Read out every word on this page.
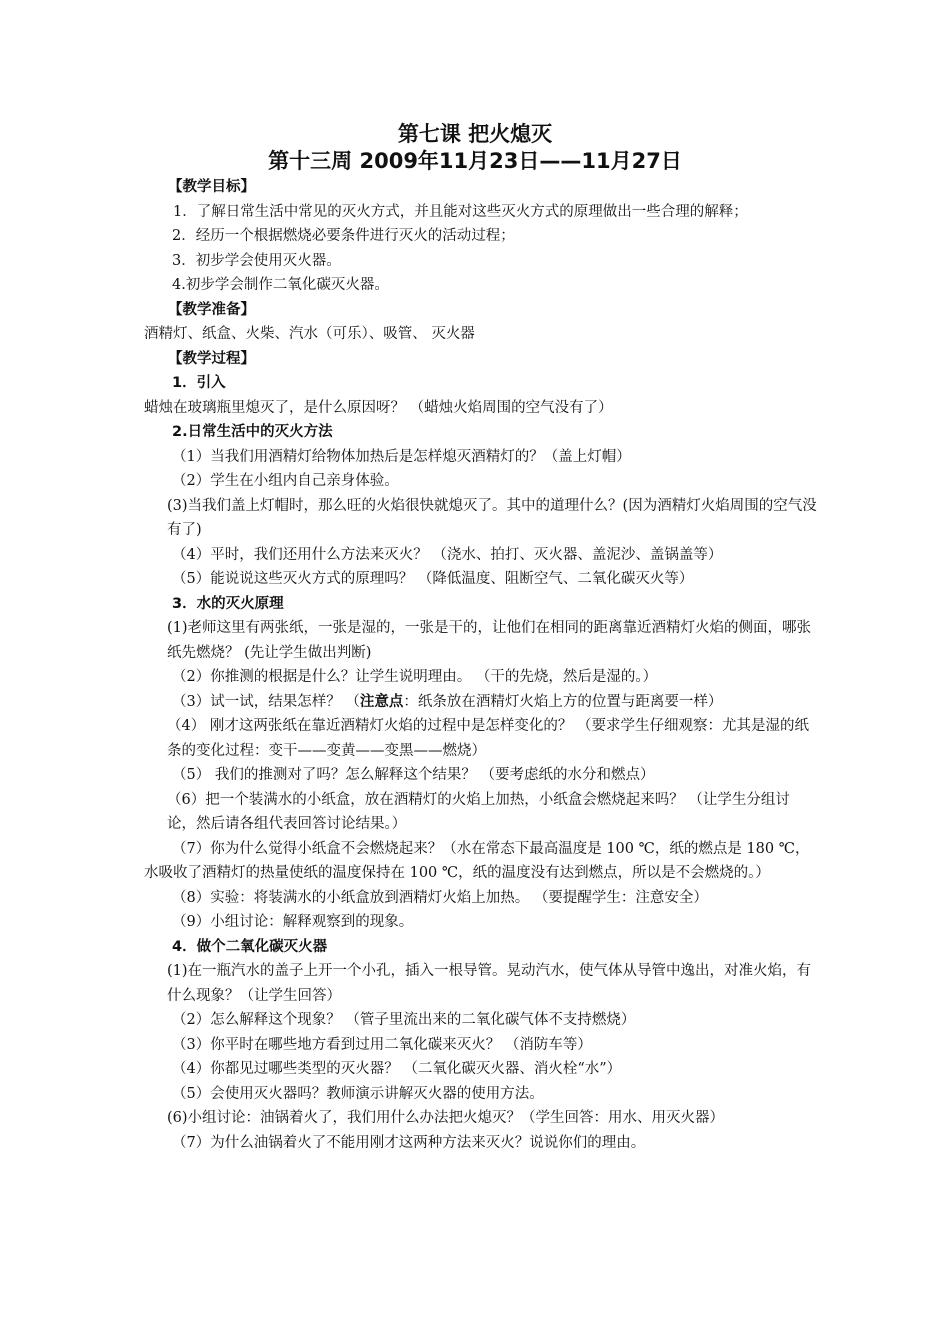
第七课 把火熄灭
第十三周 2009年11月23日——11月27日

【教学目标】

1．了解日常生活中常见的灭火方式，并且能对这些灭火方式的原理做出一些合理的解释；

2．经历一个根据燃烧必要条件进行灭火的活动过程；

3．初步学会使用灭火器。

4.初步学会制作二氧化碳灭火器。

【教学准备】

酒精灯、纸盒、火柴、汽水（可乐）、吸管、 灭火器

【教学过程】

1．引入

蜡烛在玻璃瓶里熄灭了，是什么原因呀？ （蜡烛火焰周围的空气没有了）

2.日常生活中的灭火方法

（1）当我们用酒精灯给物体加热后是怎样熄灭酒精灯的？（盖上灯帽）

（2）学生在小组内自己亲身体验。

(3)当我们盖上灯帽时，那么旺的火焰很快就熄灭了。其中的道理什么？(因为酒精灯火焰周围的空气没有了)

（4）平时，我们还用什么方法来灭火？ （浇水、拍打、灭火器、盖泥沙、盖锅盖等）

（5）能说说这些灭火方式的原理吗？ （降低温度、阻断空气、二氧化碳灭火等）

3．水的灭火原理

(1)老师这里有两张纸，一张是湿的，一张是干的，让他们在相同的距离靠近酒精灯火焰的侧面，哪张纸先燃烧？ (先让学生做出判断)

（2）你推测的根据是什么？让学生说明理由。 （干的先烧，然后是湿的。）

（3）试一试，结果怎样？ （注意点：纸条放在酒精灯火焰上方的位置与距离要一样）

（4） 刚才这两张纸在靠近酒精灯火焰的过程中是怎样变化的？ （要求学生仔细观察：尤其是湿的纸条的变化过程：变干——变黄——变黑——燃烧）

（5） 我们的推测对了吗？怎么解释这个结果？ （要考虑纸的水分和燃点）

（6）把一个装满水的小纸盒，放在酒精灯的火焰上加热，小纸盒会燃烧起来吗？ （让学生分组讨论，然后请各组代表回答讨论结果。）

（7）你为什么觉得小纸盒不会燃烧起来？（水在常态下最高温度是 100 ℃，纸的燃点是 180 ℃，水吸收了酒精灯的热量使纸的温度保持在 100 ℃，纸的温度没有达到燃点，所以是不会燃烧的。）

（8）实验：将装满水的小纸盒放到酒精灯火焰上加热。 （要提醒学生：注意安全）

（9）小组讨论：解释观察到的现象。

4．做个二氧化碳灭火器

(1)在一瓶汽水的盖子上开一个小孔，插入一根导管。晃动汽水，使气体从导管中逸出，对准火焰，有什么现象？（让学生回答）

（2）怎么解释这个现象？ （管子里流出来的二氧化碳气体不支持燃烧）

（3）你平时在哪些地方看到过用二氧化碳来灭火？ （消防车等）

（4）你都见过哪些类型的灭火器？ （二氧化碳灭火器、消火栓“水”）

（5）会使用灭火器吗？教师演示讲解灭火器的使用方法。

(6)小组讨论：油锅着火了，我们用什么办法把火熄灭？（学生回答：用水、用灭火器）

（7）为什么油锅着火了不能用刚才这两种方法来灭火？说说你们的理由。
